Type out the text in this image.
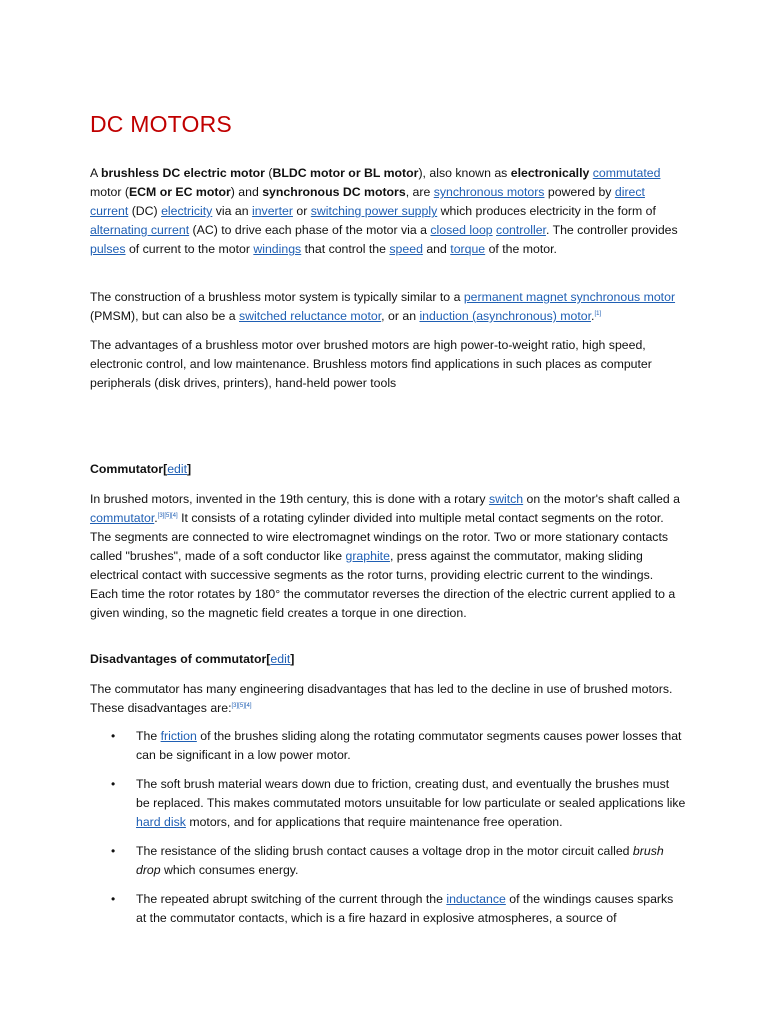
DC MOTORS

A brushless DC electric motor (BLDC motor or BL motor), also known as electronically commutated motor (ECM or EC motor) and synchronous DC motors, are synchronous motors powered by direct current (DC) electricity via an inverter or switching power supply which produces electricity in the form of alternating current (AC) to drive each phase of the motor via a closed loop controller. The controller provides pulses of current to the motor windings that control the speed and torque of the motor.

The construction of a brushless motor system is typically similar to a permanent magnet synchronous motor (PMSM), but can also be a switched reluctance motor, or an induction (asynchronous) motor.[1]

The advantages of a brushless motor over brushed motors are high power-to-weight ratio, high speed, electronic control, and low maintenance. Brushless motors find applications in such places as computer peripherals (disk drives, printers), hand-held power tools

Commutator[edit]

In brushed motors, invented in the 19th century, this is done with a rotary switch on the motor's shaft called a commutator.[3][5][4] It consists of a rotating cylinder divided into multiple metal contact segments on the rotor. The segments are connected to wire electromagnet windings on the rotor. Two or more stationary contacts called "brushes", made of a soft conductor like graphite, press against the commutator, making sliding electrical contact with successive segments as the rotor turns, providing electric current to the windings. Each time the rotor rotates by 180° the commutator reverses the direction of the electric current applied to a given winding, so the magnetic field creates a torque in one direction.

Disadvantages of commutator[edit]

The commutator has many engineering disadvantages that has led to the decline in use of brushed motors. These disadvantages are:[3][5][4]

• The friction of the brushes sliding along the rotating commutator segments causes power losses that can be significant in a low power motor.

• The soft brush material wears down due to friction, creating dust, and eventually the brushes must be replaced. This makes commutated motors unsuitable for low particulate or sealed applications like hard disk motors, and for applications that require maintenance free operation.

• The resistance of the sliding brush contact causes a voltage drop in the motor circuit called brush drop which consumes energy.

• The repeated abrupt switching of the current through the inductance of the windings causes sparks at the commutator contacts, which is a fire hazard in explosive atmospheres, a source of
